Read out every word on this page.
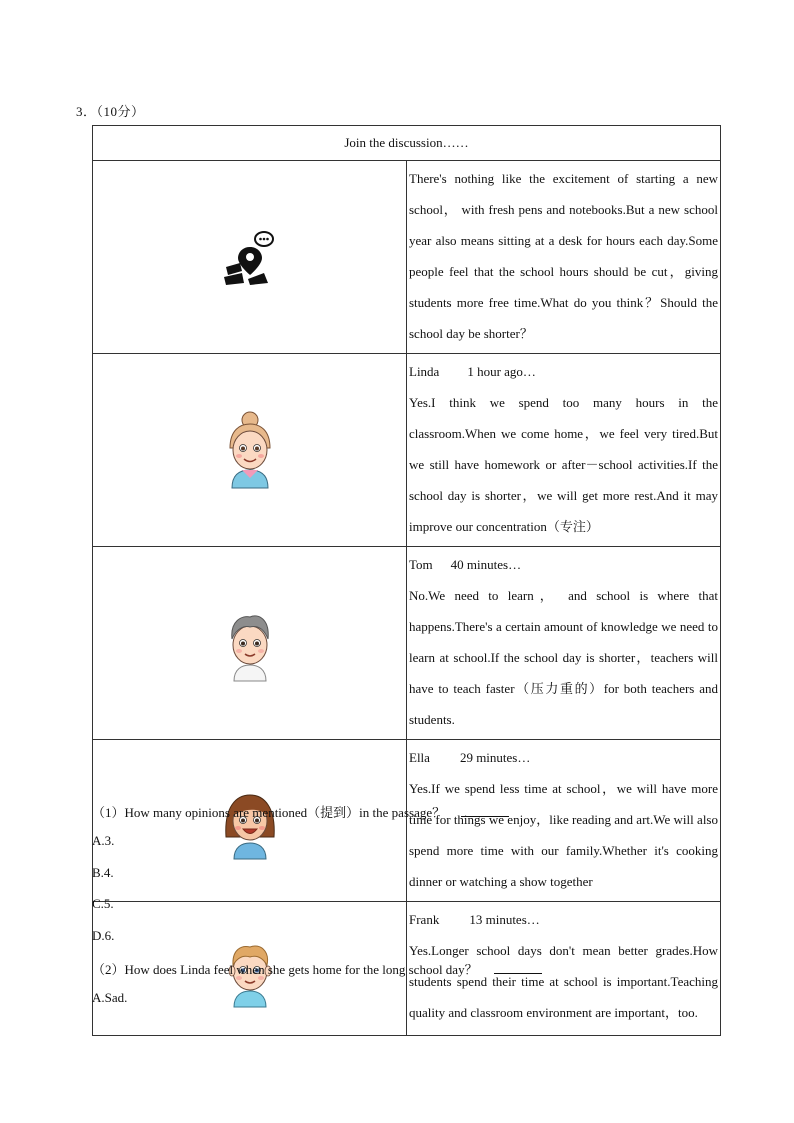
3．（10分）
Join the discussion……	

There's nothing like the excitement of starting a new school， with fresh pens and notebooks.But a new school year also means sitting at a desk for hours each day.Some people feel that the school hours should be cut，giving students more free time.What do you think？Should the school day be shorter？

Linda 1 hour ago…
Yes.I think we spend too many hours in the classroom.When we come home，we feel very tired.But we still have homework or after－school activities.If the school day is shorter，we will get more rest.And it may improve our concentration（专注）

Tom 40 minutes…
No.We need to learn， and school is where that happens.There's a certain amount of knowledge we need to learn at school.If the school day is shorter，teachers will have to teach faster（压力重的）for both teachers and students.

Ella 29 minutes…
Yes.If we spend less time at school，we will have more time for things we enjoy，like reading and art.We will also spend more time with our family.Whether it's cooking dinner or watching a show together

Frank 13 minutes…
Yes.Longer school days don't mean better grades.How students spend their time at school is important.Teaching quality and classroom environment are important，too.
（1）How many opinions are mentioned（提到）in the passage？
A.3.
B.4.
C.5.
D.6.
（2）How does Linda feel when she gets home for the long school day？
A.Sad.
